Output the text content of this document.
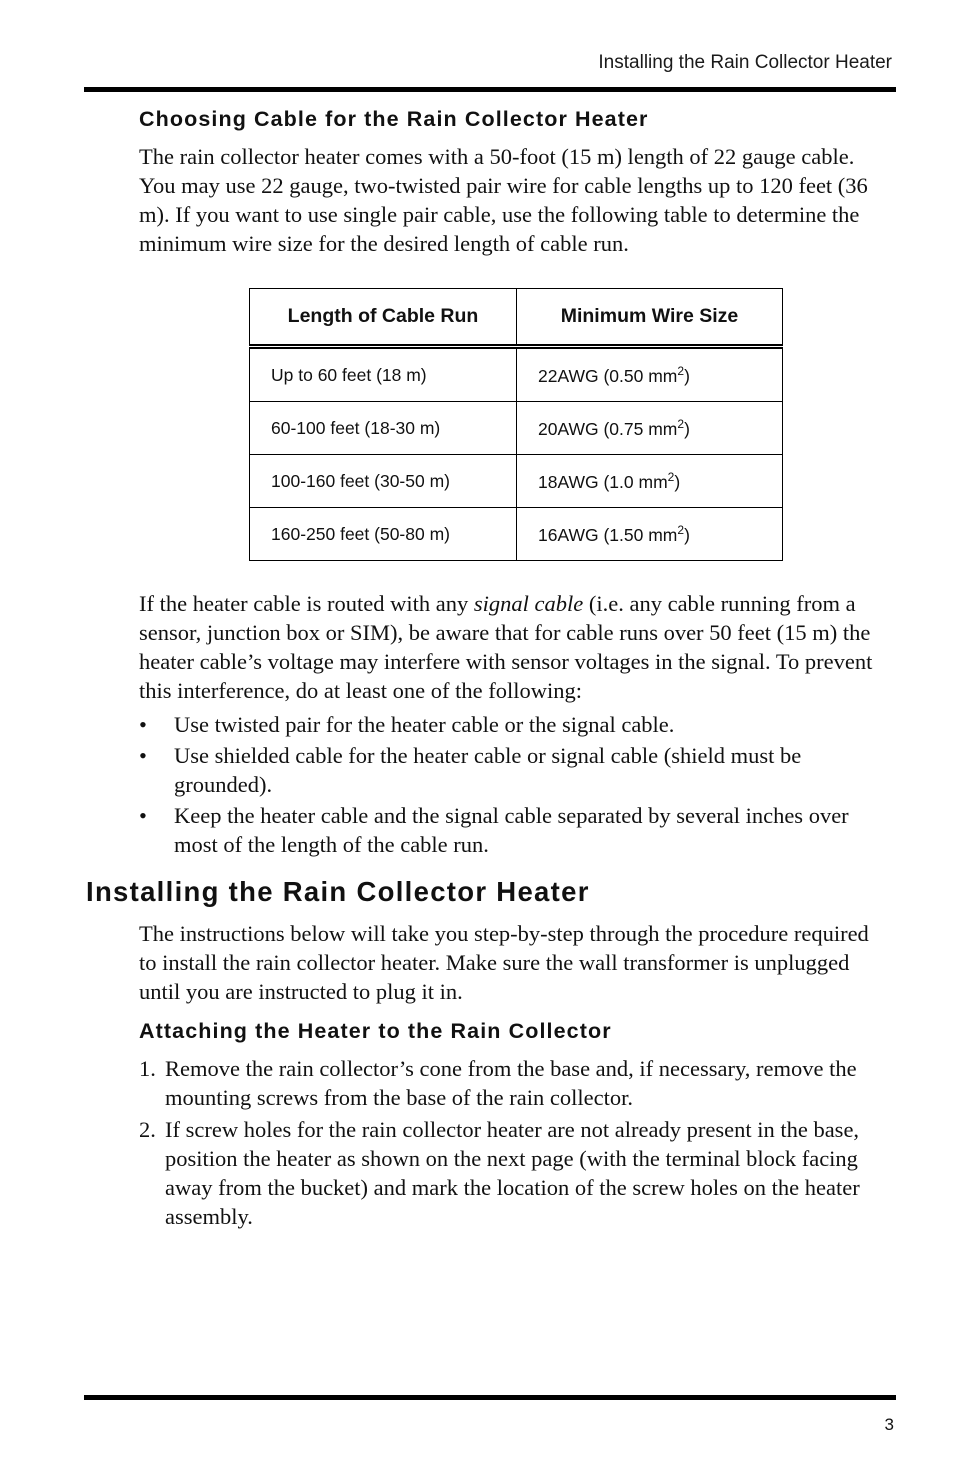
Installing the Rain Collector Heater
Choosing Cable for the Rain Collector Heater

The rain collector heater comes with a 50-foot (15 m) length of 22 gauge cable. You may use 22 gauge, two-twisted pair wire for cable lengths up to 120 feet (36 m). If you want to use single pair cable, use the following table to determine the minimum wire size for the desired length of cable run.

Length of Cable Run	Minimum Wire Size
Up to 60 feet (18 m)	22AWG (0.50 $mm^2$)
60-100 feet (18-30 m)	20AWG (0.75 $mm^2$)
100-160 feet (30-50 m)	18AWG (1.0 $mm^2$)
160-250 feet (50-80 m)	16AWG (1.50 $mm^2$)

If the heater cable is routed with any signal cable (i.e. any cable running from a sensor, junction box or SIM), be aware that for cable runs over 50 feet (15 m) the heater cable’s voltage may interfere with sensor voltages in the signal. To prevent this interference, do at least one of the following:

• Use twisted pair for the heater cable or the signal cable.
• Use shielded cable for the heater cable or signal cable (shield must be grounded).
• Keep the heater cable and the signal cable separated by several inches over most of the length of the cable run.
Installing the Rain Collector Heater

The instructions below will take you step-by-step through the procedure required to install the rain collector heater. Make sure the wall transformer is unplugged until you are instructed to plug it in.

Attaching the Heater to the Rain Collector
1. Remove the rain collector’s cone from the base and, if necessary, remove the mounting screws from the base of the rain collector.
2. If screw holes for the rain collector heater are not already present in the base, position the heater as shown on the next page (with the terminal block facing away from the bucket) and mark the location of the screw holes on the heater assembly.
3
